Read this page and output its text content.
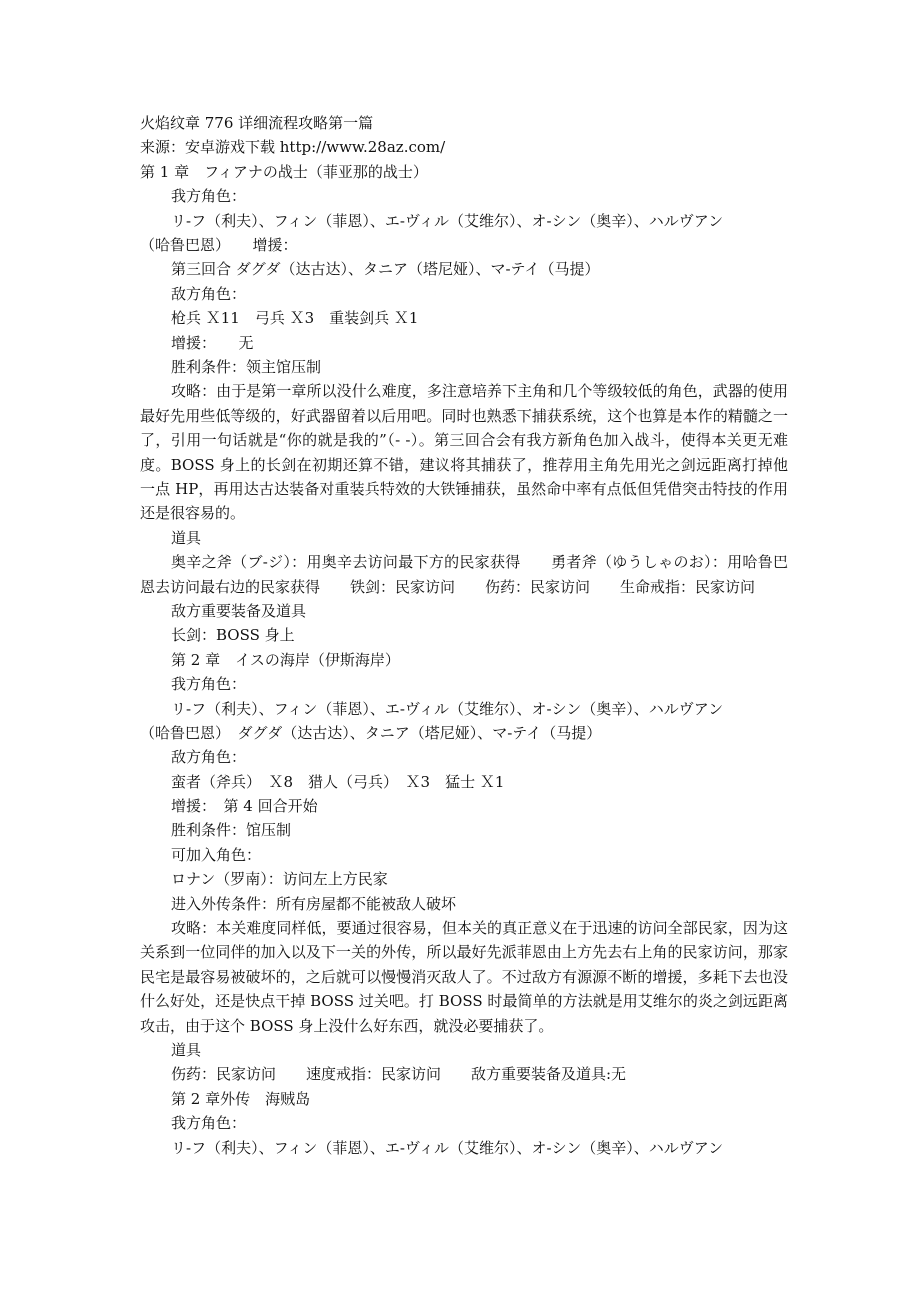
火焰纹章 776 详细流程攻略第一篇
来源：安卓游戏下载 http://www.28az.com/
第 1 章　フィアナの战士（菲亚那的战士）
我方角色：
リ-フ（利夫）、フィン（菲恩）、エ-ヴィル（艾维尔）、オ-シン（奥辛）、ハルヴアン
（哈鲁巴恩）　　增援：
第三回合 ダグダ（达古达）、タニア（塔尼娅）、マ-テイ（马提）
敌方角色：
枪兵 Ｘ11　弓兵 Ｘ3　重装剑兵 Ｘ1
增援：　　无
胜利条件：领主馆压制
攻略：由于是第一章所以没什么难度，多注意培养下主角和几个等级较低的角色，武器的使用最好先用些低等级的，好武器留着以后用吧。同时也熟悉下捕获系统，这个也算是本作的精髓之一了，引用一句话就是“你的就是我的”（- -）。第三回合会有我方新角色加入战斗，使得本关更无难度。BOSS 身上的长剑在初期还算不错，建议将其捕获了，推荐用主角先用光之剑远距离打掉他一点 HP，再用达古达装备对重装兵特效的大铁锤捕获，虽然命中率有点低但凭借突击特技的作用还是很容易的。
道具
奥辛之斧（ブ-ジ）：用奥辛去访问最下方的民家获得　　勇者斧（ゆうしゃのお）：用哈鲁巴恩去访问最右边的民家获得　　铁剑：民家访问　　伤药：民家访问　　生命戒指：民家访问
敌方重要装备及道具
长剑：BOSS 身上
第 2 章　イスの海岸（伊斯海岸）
我方角色：
リ-フ（利夫）、フィン（菲恩）、エ-ヴィル（艾维尔）、オ-シン（奥辛）、ハルヴアン
（哈鲁巴恩）　ダグダ（达古达）、タニア（塔尼娅）、マ-テイ（马提）
敌方角色：
蛮者（斧兵）　Ｘ8　猎人（弓兵）　Ｘ3　猛士 Ｘ1
增援：　第 4 回合开始
胜利条件：馆压制
可加入角色：
ロナン（罗南）：访问左上方民家
进入外传条件：所有房屋都不能被敌人破坏
攻略：本关难度同样低，要通过很容易，但本关的真正意义在于迅速的访问全部民家，因为这关系到一位同伴的加入以及下一关的外传，所以最好先派菲恩由上方先去右上角的民家访问，那家民宅是最容易被破坏的，之后就可以慢慢消灭敌人了。不过敌方有源源不断的增援，多耗下去也没什么好处，还是快点干掉 BOSS 过关吧。打 BOSS 时最简单的方法就是用艾维尔的炎之剑远距离攻击，由于这个 BOSS 身上没什么好东西，就没必要捕获了。
道具
伤药：民家访问　　速度戒指：民家访问　　敌方重要装备及道具:无
第 2 章外传　海贼岛
我方角色：
リ-フ（利夫）、フィン（菲恩）、エ-ヴィル（艾维尔）、オ-シン（奥辛）、ハルヴアン
